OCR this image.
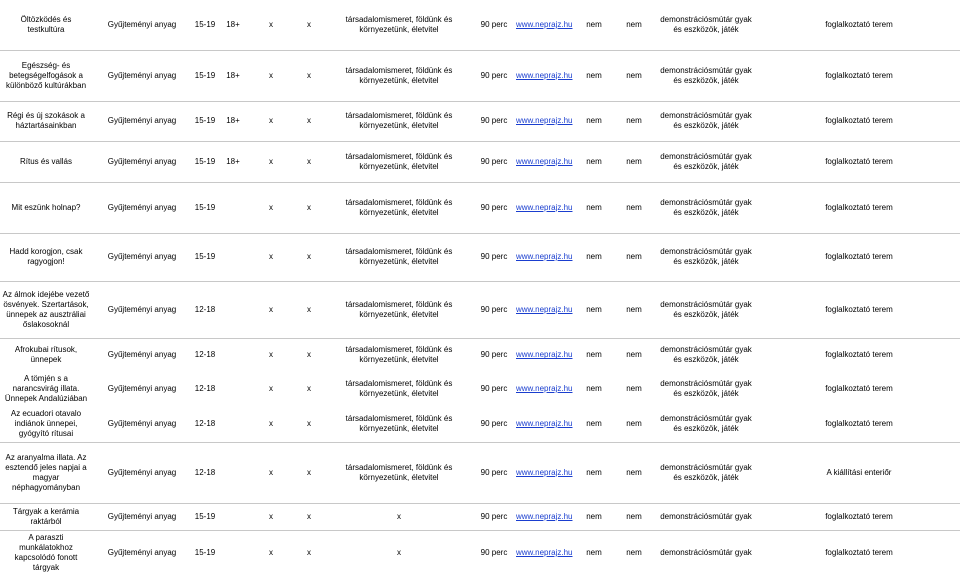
Öltözködés és testkultúra	Gyűjteményi anyag	15-19	18+	x	x	társadalomismeret, földünk és környezetünk, életvitel	90 perc	www.neprajz.hu	nem	nem	demonstrációsmútár gyak és eszközök, játék	foglalkoztató terem
Egészség- és betegségelfogások a különböző kultúrákban	Gyűjteményi anyag	15-19	18+	x	x	társadalomismeret, földünk és környezetünk, életvitel	90 perc	www.neprajz.hu	nem	nem	demonstrációsmútár gyak és eszközök, játék	foglalkoztató terem
Régi és új szokások a háztartásainkban	Gyűjteményi anyag	15-19	18+	x	x	társadalomismeret, földünk és környezetünk, életvitel	90 perc	www.neprajz.hu	nem	nem	demonstrációsmútár gyak és eszközök, játék	foglalkoztató terem
Rítus és vallás	Gyűjteményi anyag	15-19	18+	x	x	társadalomismeret, földünk és környezetünk, életvitel	90 perc	www.neprajz.hu	nem	nem	demonstrációsmútár gyak és eszközök, játék	foglalkoztató terem
Mit eszünk holnap?	Gyűjteményi anyag	15-19		x	x	társadalomismeret, földünk és környezetünk, életvitel	90 perc	www.neprajz.hu	nem	nem	demonstrációsmútár gyak és eszközök, játék	foglalkoztató terem
Hadd korogjon, csak ragyogjon!	Gyűjteményi anyag	15-19		x	x	társadalomismeret, földünk és környezetünk, életvitel	90 perc	www.neprajz.hu	nem	nem	demonstrációsmútár gyak és eszközök, játék	foglalkoztató terem
Az álmok idejébe vezető ösvények. Szertartások, ünnepek az ausztráliai őslakosoknál	Gyűjteményi anyag	12-18		x	x	társadalomismeret, földünk és környezetünk, életvitel	90 perc	www.neprajz.hu	nem	nem	demonstrációsmútár gyak és eszközök, játék	foglalkoztató terem
Afrokubai rítusok, ünnepek	Gyűjteményi anyag	12-18		x	x	társadalomismeret, földünk és környezetünk, életvitel	90 perc	www.neprajz.hu	nem	nem	demonstrációsmútár gyak és eszközök, játék	foglalkoztató terem
A tömjén s a narancsvirág illata. Ünnepek Andalúziában	Gyűjteményi anyag	12-18		x	x	társadalomismeret, földünk és környezetünk, életvitel	90 perc	www.neprajz.hu	nem	nem	demonstrációsmútár gyak és eszközök, játék	foglalkoztató terem
Az ecuadori otavalo indiánok ünnepei, gyógyító rítusai	Gyűjteményi anyag	12-18		x	x	társadalomismeret, földünk és környezetünk, életvitel	90 perc	www.neprajz.hu	nem	nem	demonstrációsmútár gyak és eszközök, játék	foglalkoztató terem
Az aranyalma illata. Az esztendő jeles napjai a magyar néphagyományban	Gyűjteményi anyag	12-18		x	x	társadalomismeret, földünk és környezetünk, életvitel	90 perc	www.neprajz.hu	nem	nem	demonstrációsmútár gyak és eszközök, játék	A kiállítási enteriőr
Tárgyak a kerámia raktárból	Gyűjteményi anyag	15-19		x	x	x	90 perc	www.neprajz.hu	nem	nem	demonstrációsmútár gyak	foglalkoztató terem
A paraszti munkálatokhoz kapcsolódó fonott tárgyak	Gyűjteményi anyag	15-19		x	x	x	90 perc	www.neprajz.hu	nem	nem	demonstrációsmútár gyak	foglalkoztató terem
